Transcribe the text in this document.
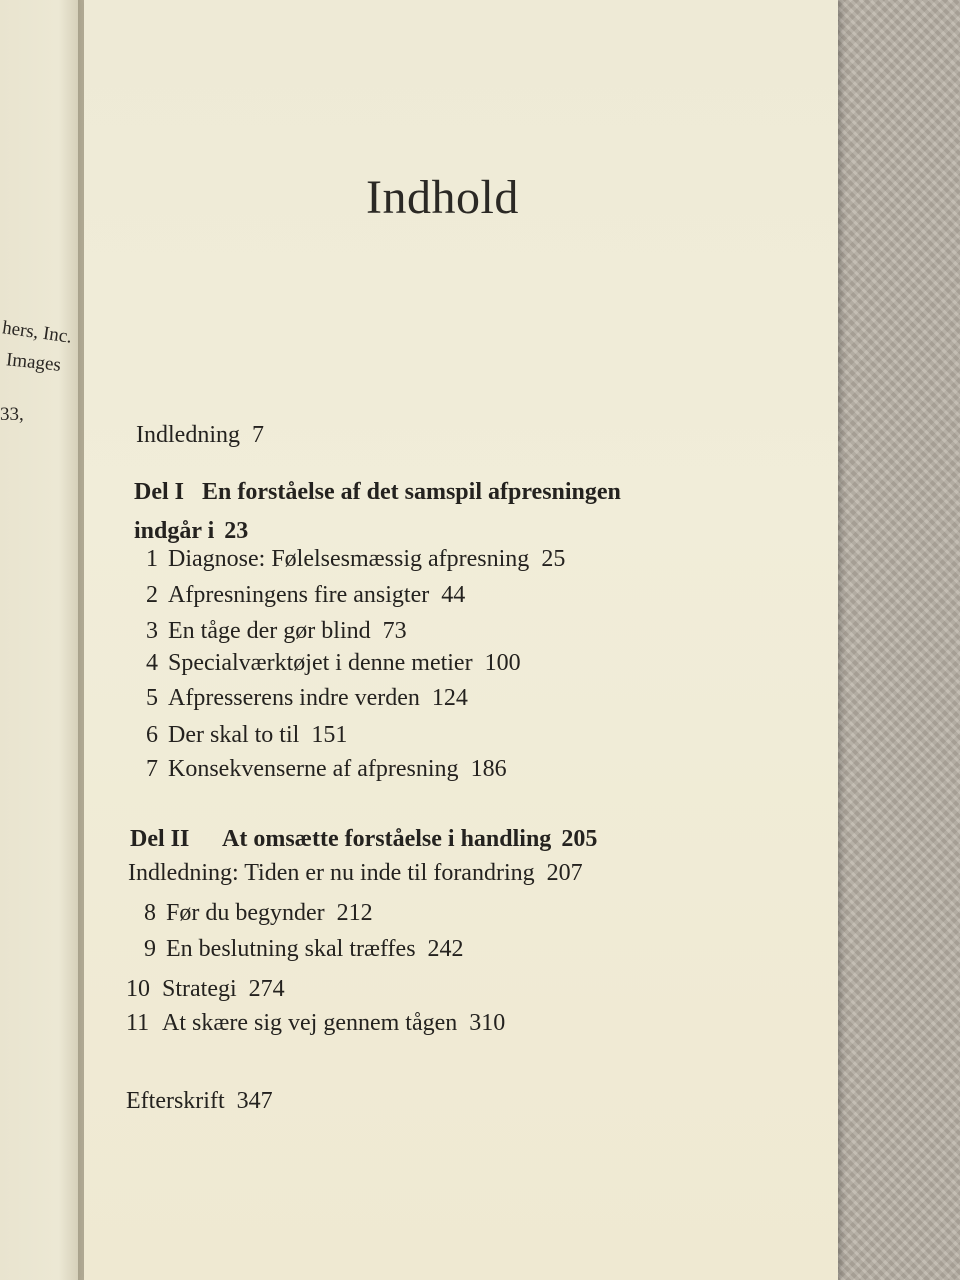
hers, Inc.
Images
33,
Indhold
Indledning 7
Del I En forståelse af det samspil afpresningen
indgår i 23
1 Diagnose: Følelsesmæssig afpresning 25
2 Afpresningens fire ansigter 44
3 En tåge der gør blind 73
4 Specialværktøjet i denne metier 100
5 Afpresserens indre verden 124
6 Der skal to til 151
7 Konsekvenserne af afpresning 186
Del II At omsætte forståelse i handling 205
Indledning: Tiden er nu inde til forandring 207
8 Før du begynder 212
9 En beslutning skal træffes 242
10 Strategi 274
11 At skære sig vej gennem tågen 310
Efterskrift 347
